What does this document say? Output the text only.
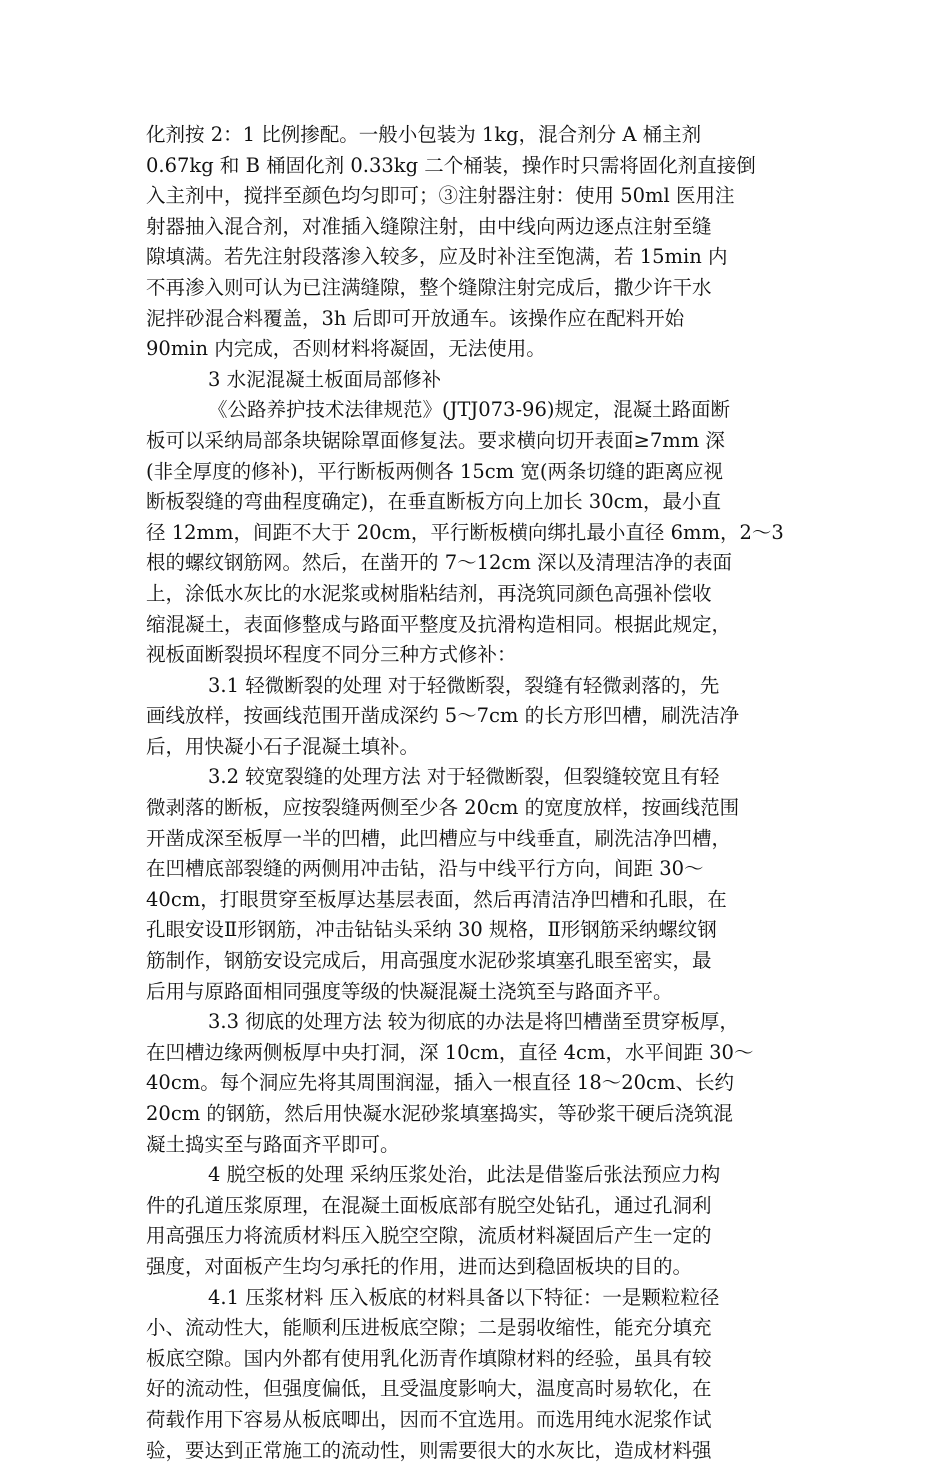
化剂按 2：1 比例掺配。一般小包装为 1kg，混合剂分 A 桶主剂
0.67kg 和 B 桶固化剂 0.33kg 二个桶装，操作时只需将固化剂直接倒
入主剂中，搅拌至颜色均匀即可；③注射器注射：使用 50ml 医用注
射器抽入混合剂，对准插入缝隙注射，由中线向两边逐点注射至缝
隙填满。若先注射段落渗入较多，应及时补注至饱满，若 15min 内
不再渗入则可认为已注满缝隙，整个缝隙注射完成后，撒少许干水
泥拌砂混合料覆盖，3h 后即可开放通车。该操作应在配料开始
90min 内完成，否则材料将凝固，无法使用。
3 水泥混凝土板面局部修补
《公路养护技术法律规范》(JTJ073-96)规定，混凝土路面断
板可以采纳局部条块锯除罩面修复法。要求横向切开表面≥7mm 深
(非全厚度的修补)，平行断板两侧各 15cm 宽(两条切缝的距离应视
断板裂缝的弯曲程度确定)，在垂直断板方向上加长 30cm，最小直
径 12mm，间距不大于 20cm，平行断板横向绑扎最小直径 6mm，2～3
根的螺纹钢筋网。然后，在凿开的 7～12cm 深以及清理洁净的表面
上，涂低水灰比的水泥浆或树脂粘结剂，再浇筑同颜色高强补偿收
缩混凝土，表面修整成与路面平整度及抗滑构造相同。根据此规定，
视板面断裂损坏程度不同分三种方式修补：
3.1 轻微断裂的处理 对于轻微断裂，裂缝有轻微剥落的，先
画线放样，按画线范围开凿成深约 5～7cm 的长方形凹槽，刷洗洁净
后，用快凝小石子混凝土填补。
3.2 较宽裂缝的处理方法 对于轻微断裂，但裂缝较宽且有轻
微剥落的断板，应按裂缝两侧至少各 20cm 的宽度放样，按画线范围
开凿成深至板厚一半的凹槽，此凹槽应与中线垂直，刷洗洁净凹槽，
在凹槽底部裂缝的两侧用冲击钻，沿与中线平行方向，间距 30～
40cm，打眼贯穿至板厚达基层表面，然后再清洁净凹槽和孔眼，在
孔眼安设Ⅱ形钢筋，冲击钻钻头采纳 30 规格，Ⅱ形钢筋采纳螺纹钢
筋制作，钢筋安设完成后，用高强度水泥砂浆填塞孔眼至密实，最
后用与原路面相同强度等级的快凝混凝土浇筑至与路面齐平。
3.3 彻底的处理方法 较为彻底的办法是将凹槽凿至贯穿板厚，
在凹槽边缘两侧板厚中央打洞，深 10cm，直径 4cm，水平间距 30～
40cm。每个洞应先将其周围润湿，插入一根直径 18～20cm、长约
20cm 的钢筋，然后用快凝水泥砂浆填塞捣实，等砂浆干硬后浇筑混
凝土捣实至与路面齐平即可。
4 脱空板的处理 采纳压浆处治，此法是借鉴后张法预应力构
件的孔道压浆原理，在混凝土面板底部有脱空处钻孔，通过孔洞利
用高强压力将流质材料压入脱空空隙，流质材料凝固后产生一定的
强度，对面板产生均匀承托的作用，进而达到稳固板块的目的。
4.1 压浆材料 压入板底的材料具备以下特征：一是颗粒粒径
小、流动性大，能顺利压进板底空隙；二是弱收缩性，能充分填充
板底空隙。国内外都有使用乳化沥青作填隙材料的经验，虽具有较
好的流动性，但强度偏低，且受温度影响大，温度高时易软化，在
荷载作用下容易从板底唧出，因而不宜选用。而选用纯水泥浆作试
验，要达到正常施工的流动性，则需要很大的水灰比，造成材料强
